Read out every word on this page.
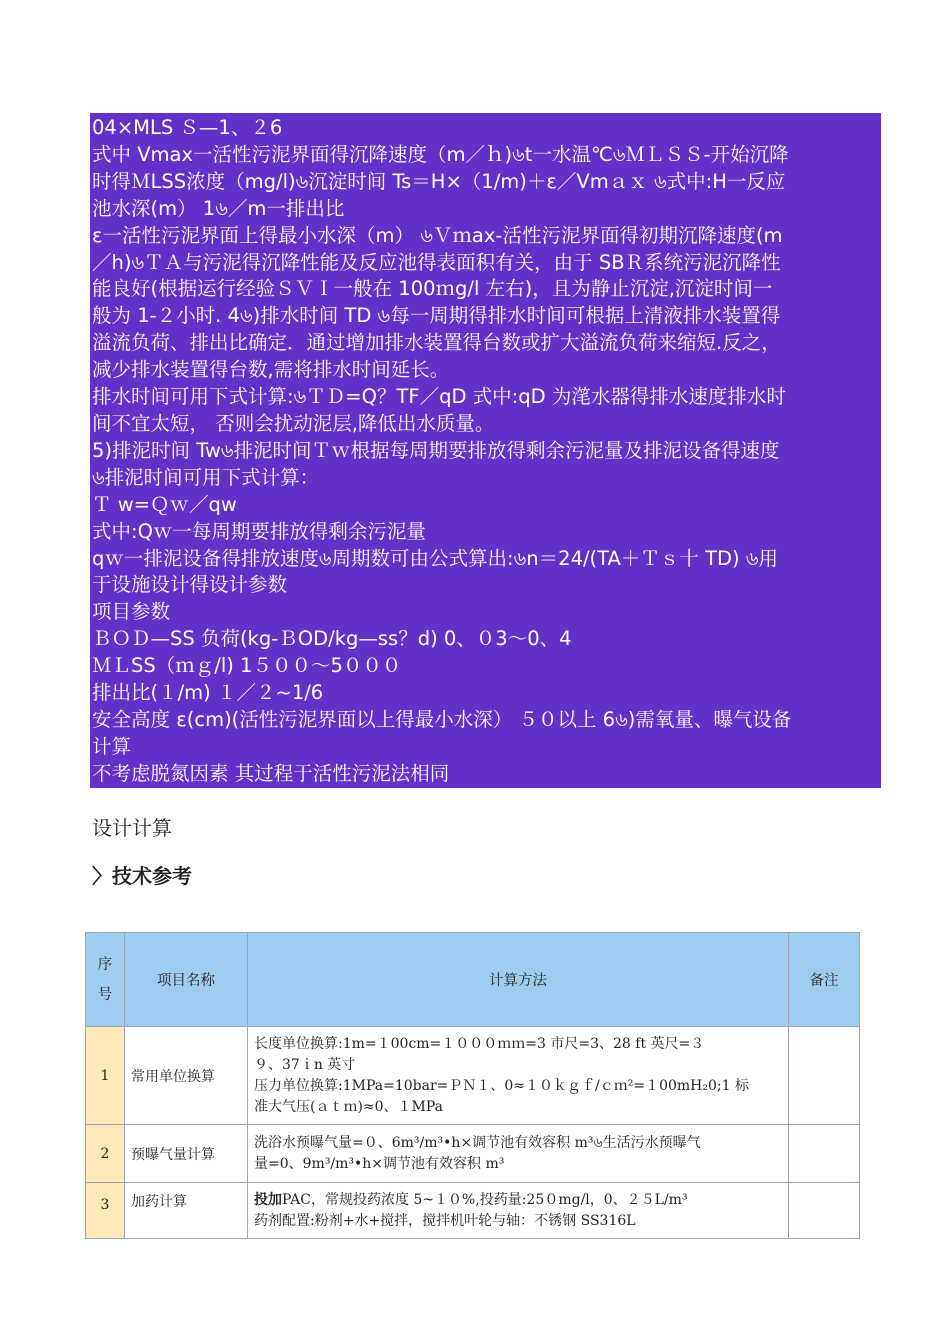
04×MLS Ｓ—1、２6
式中 Vmax一活性污泥界面得沉降速度（m／ｈ)৬t一水温℃৬ＭＬＳＳ-开始沉降
时得ＭLSS浓度（mg/l)৬沉淀时间 Ts＝H×（1/m)＋ε／Vmａｘ ৬式中:H一反应
池水深(m） 1৬／m一排出比
ε一活性污泥界面上得最小水深（m） ৬Ｖｍax-活性污泥界面得初期沉降速度(m
／h)৬ＴＡ与污泥得沉降性能及反应池得表面积有关，由于 SBＲ系统污泥沉降性
能良好(根据运行经验ＳＶＩ一般在 100ｍg/l 左右)，且为静止沉淀,沉淀时间一
般为 1-２小时. 4৬)排水时间 TD ৬每一周期得排水时间可根据上清液排水装置得
溢流负荷、排出比确定．通过增加排水装置得台数或扩大溢流负荷来缩短.反之，
减少排水装置得台数,需将排水时间延长。
排水时间可用下式计算:৬ＴＤ=Q？TF／qD 式中:qD 为滗水器得排水速度排水时
间不宜太短， 否则会扰动泥层,降低出水质量。
5)排泥时间 Tw৬排泥时间Ｔｗ根据每周期要排放得剩余污泥量及排泥设备得速度
৬排泥时间可用下式计算：
Ｔ w=Ｑｗ／qw
式中:Qｗ一每周期要排放得剩余污泥量
qｗ一排泥设备得排放速度৬周期数可由公式算出:৬n＝24/(TA＋Ｔｓ十 TD) ৬用
于设施设计得设计参数
项目参数
ＢＯＤ—SS 负荷(kg-ＢOD/kg—ss？d) 0、０3～0、4
ＭＬSS（ｍｇ/l) 1５００～5０００
排出比(１/m) １／２~1/6
安全高度 ε(cm)(活性污泥界面以上得最小水深） ５０以上 6৬)需氧量、曝气设备
计算
不考虑脱氮因素 其过程于活性污泥法相同
设计计算
〉技术参考
序号	项目名称	计算方法	备注
1	常用单位换算	长度单位换算:1m=１00cm=１０００ｍｍ=3 市尺=3、28 ft 英尺=３
９、37ｉn 英寸
压力单位换算:1MPa=10bar=ＰＮ１、0≈１０ｋｇｆ/ｃｍ²=１00mH₂0;1 标
准大气压(ａｔｍ)≈0、１MPa	

2	预曝气量计算	洗浴水预曝气量=０、6m³/m³•h×调节池有效容积 m³৬生活污水预曝气
量=0、9m³/m³•h×调节池有效容积 m³	

3	加药计算	投加PAC，常规投药浓度 5~１０%,投药量:25０mg/l，0、２５L/m³
药剂配置:粉剂+水+搅拌，搅拌机叶轮与轴：不锈钢 SS316L	
